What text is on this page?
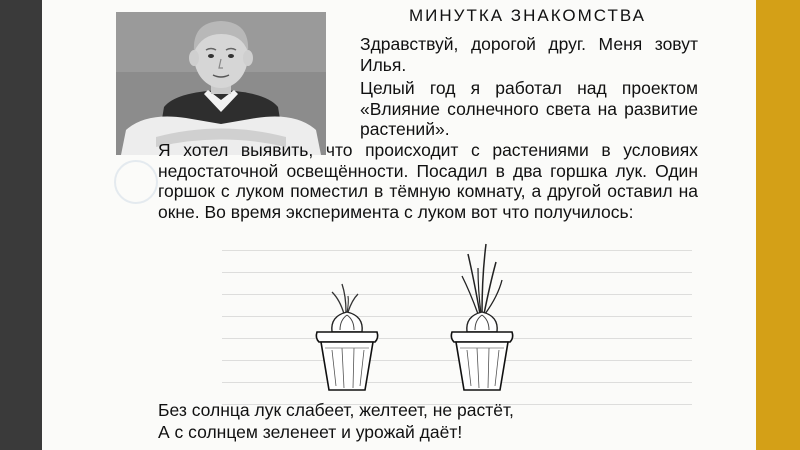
МИНУТКА ЗНАКОМСТВА

Здравствуй, дорогой друг. Меня зовут Илья.

Целый год я работал над проектом «Влияние солнечного света на развитие растений».

Я хотел выявить, что происходит с растениями в условиях недостаточной освещённости. Посадил в два горшка лук. Один горшок с луком поместил в тёмную комнату, а другой оставил на окне. Во время эксперимента с луком вот что получилось:

Без солнца лук слабеет, желтеет, не растёт,
А с солнцем зеленеет и урожай даёт!
